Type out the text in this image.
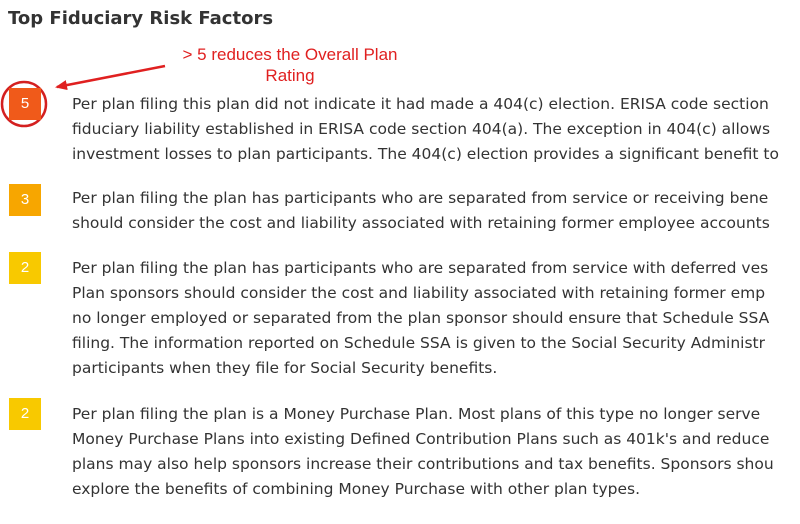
Top Fiduciary Risk Factors
> 5 reduces the Overall Plan
Rating
5	Per plan filing this plan did not indicate it had made a 404(c) election. ERISA code section
fiduciary liability established in ERISA code section 404(a). The exception in 404(c) allows
investment losses to plan participants. The 404(c) election provides a significant benefit to
3	Per plan filing the plan has participants who are separated from service or receiving bene
should consider the cost and liability associated with retaining former employee accounts
2	Per plan filing the plan has participants who are separated from service with deferred ves
Plan sponsors should consider the cost and liability associated with retaining former emp
no longer employed or separated from the plan sponsor should ensure that Schedule SSA
filing. The information reported on Schedule SSA is given to the Social Security Administr
participants when they file for Social Security benefits.
2	Per plan filing the plan is a Money Purchase Plan. Most plans of this type no longer serve
Money Purchase Plans into existing Defined Contribution Plans such as 401k's and reduce
plans may also help sponsors increase their contributions and tax benefits. Sponsors shou
explore the benefits of combining Money Purchase with other plan types.
